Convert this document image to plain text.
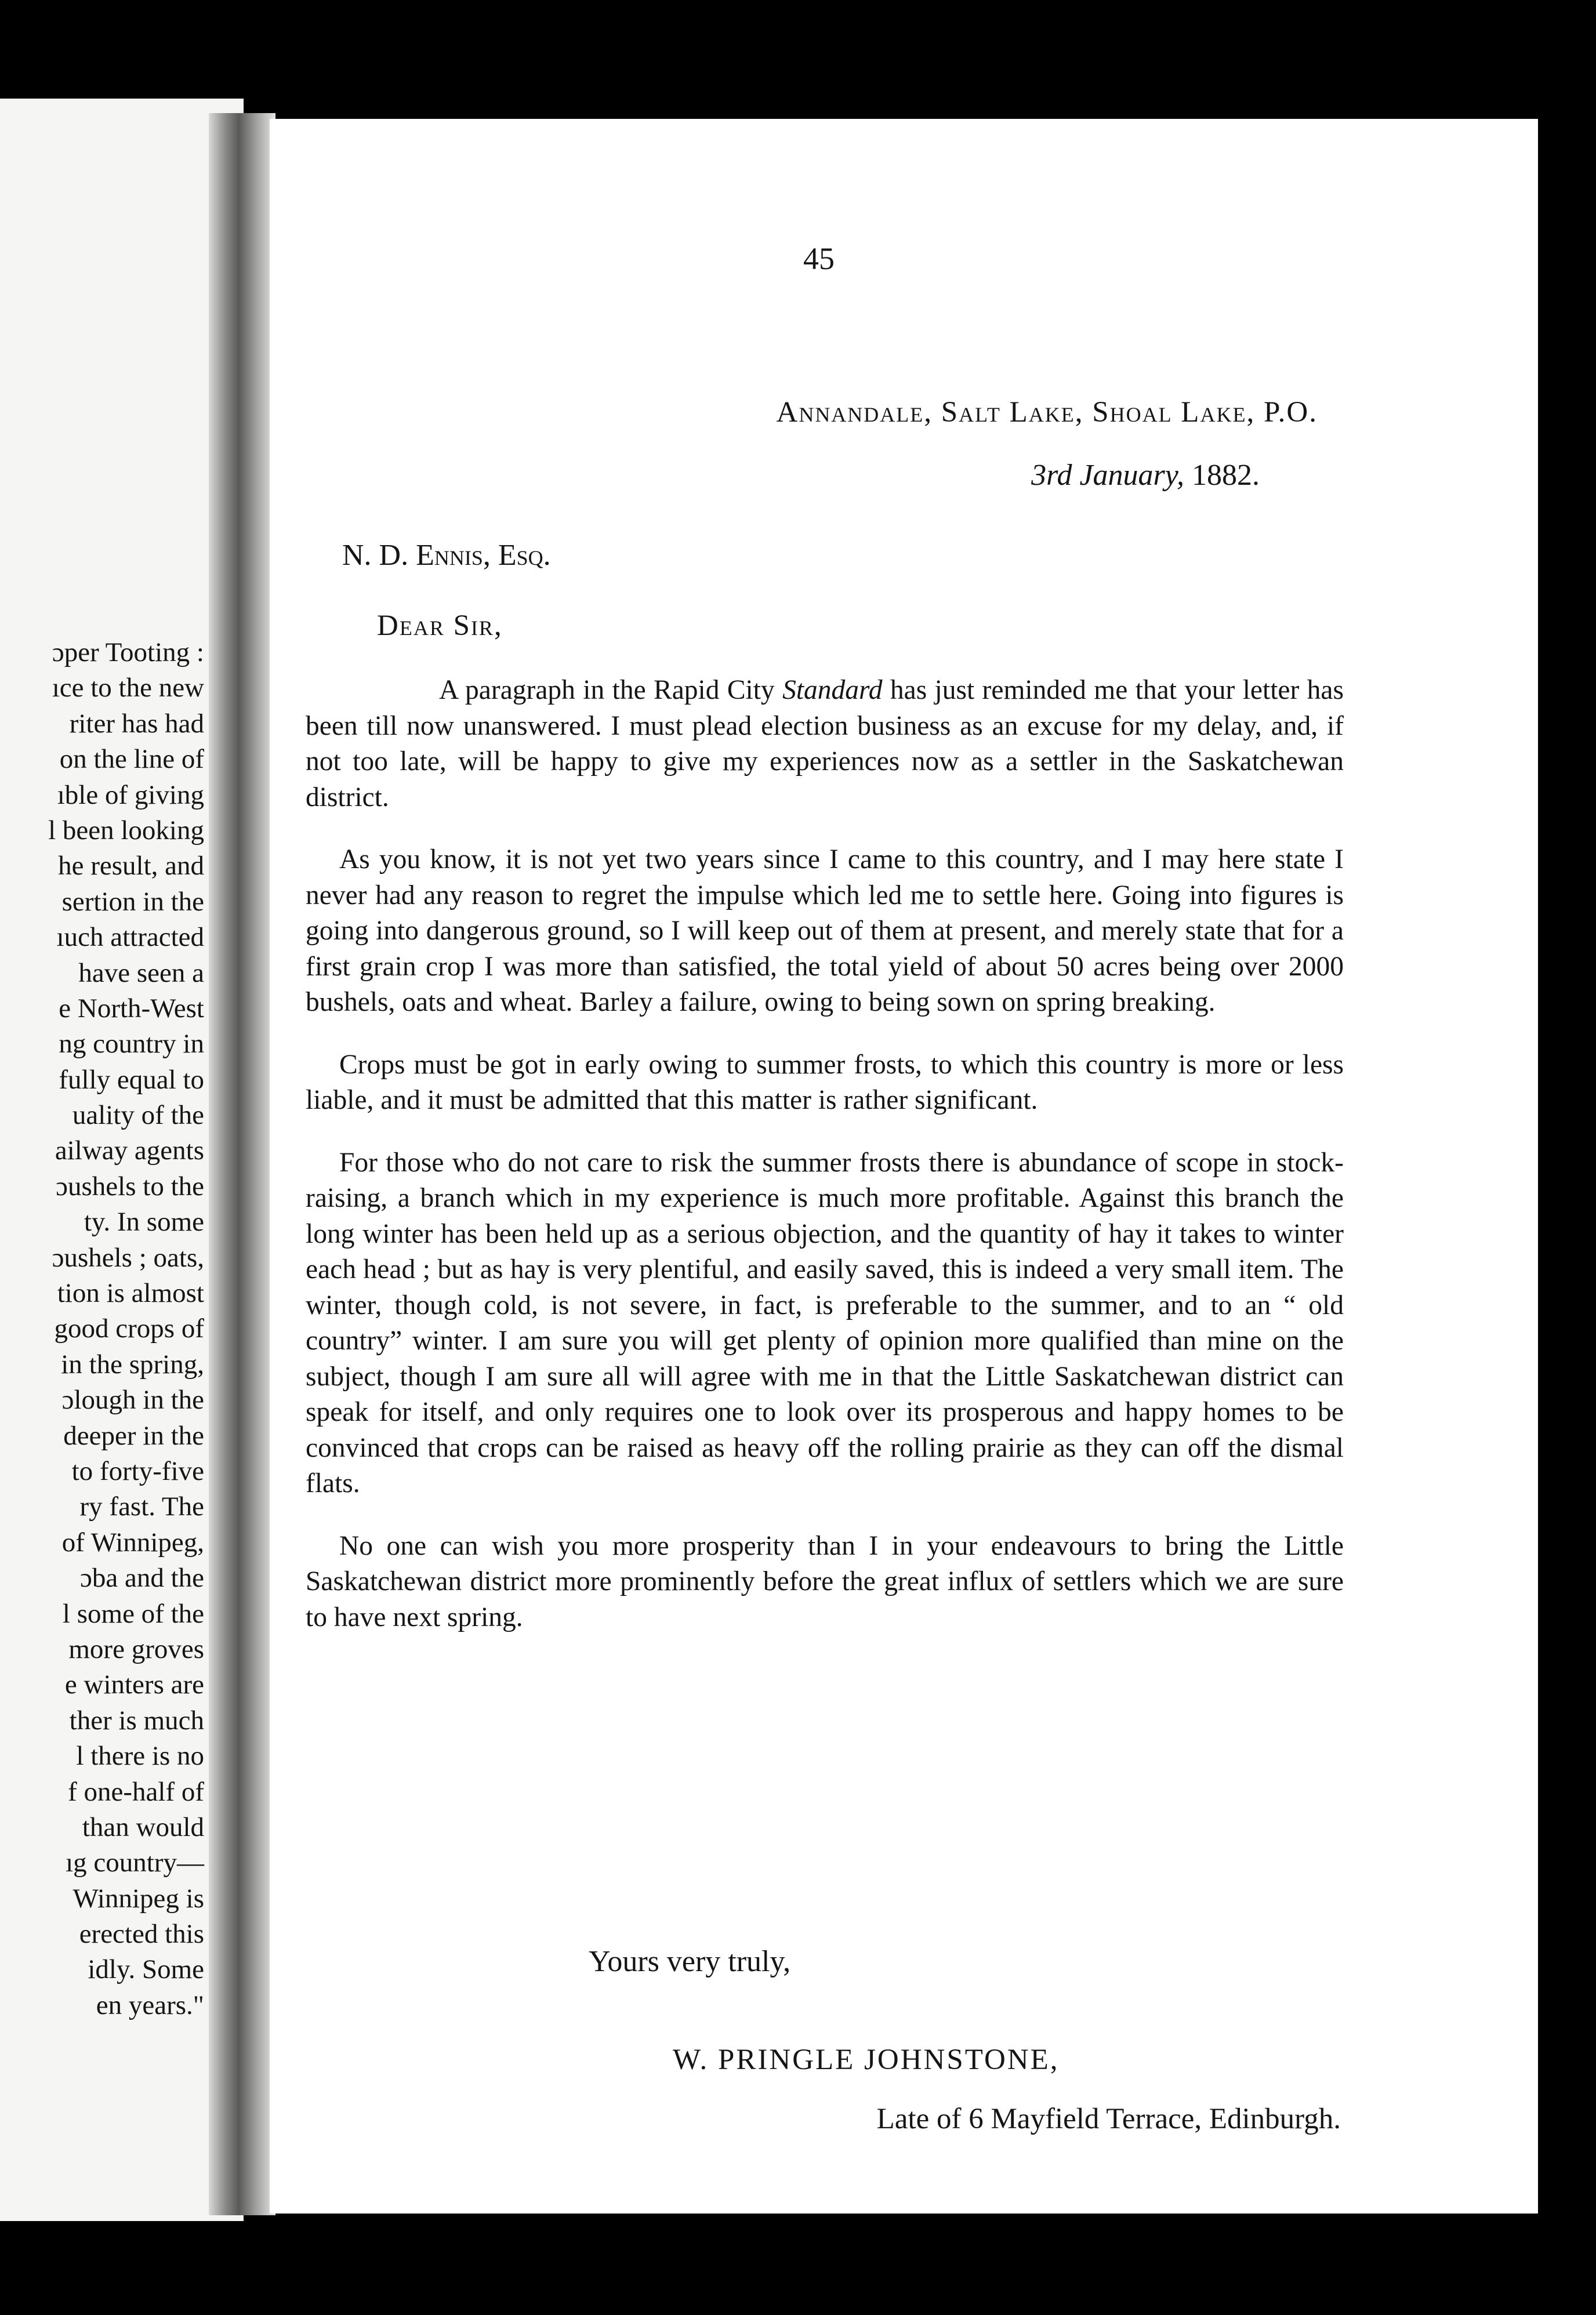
ɔper Tooting :
ıce to the new
riter has had
on the line of
ıble of giving
l been looking
he result, and
sertion in the
ıuch attracted
have seen a
e North-West
ng country in
fully equal to
uality of the
ailway agents
ɔushels to the
ty. In some
ɔushels ; oats,
tion is almost
good crops of
in the spring,
ɔlough in the
deeper in the
to forty-five
ry fast. The
of Winnipeg,
ɔba and the
l some of the
more groves
e winters are
ther is much
l there is no
f one-half of
than would
ıg country—
Winnipeg is
erected this
idly. Some
en years."
45
Annandale, Salt Lake, Shoal Lake, P.O.
3rd January, 1882.
N. D. Ennis, Esq.
Dear Sir,

A paragraph in the Rapid City Standard has just reminded me that your letter has been till now unanswered. I must plead election business as an excuse for my delay, and, if not too late, will be happy to give my experiences now as a settler in the Saskatchewan district.

As you know, it is not yet two years since I came to this country, and I may here state I never had any reason to regret the impulse which led me to settle here. Going into figures is going into dangerous ground, so I will keep out of them at present, and merely state that for a first grain crop I was more than satisfied, the total yield of about 50 acres being over 2000 bushels, oats and wheat. Barley a failure, owing to being sown on spring breaking.

Crops must be got in early owing to summer frosts, to which this country is more or less liable, and it must be admitted that this matter is rather significant.

For those who do not care to risk the summer frosts there is abundance of scope in stock-raising, a branch which in my experience is much more profitable. Against this branch the long winter has been held up as a serious objection, and the quantity of hay it takes to winter each head ; but as hay is very plentiful, and easily saved, this is indeed a very small item. The winter, though cold, is not severe, in fact, is preferable to the summer, and to an “ old country” winter. I am sure you will get plenty of opinion more qualified than mine on the subject, though I am sure all will agree with me in that the Little Saskatchewan district can speak for itself, and only requires one to look over its prosperous and happy homes to be convinced that crops can be raised as heavy off the rolling prairie as they can off the dismal flats.

No one can wish you more prosperity than I in your endeavours to bring the Little Saskatchewan district more prominently before the great influx of settlers which we are sure to have next spring.

Yours very truly,
W. PRINGLE JOHNSTONE,
Late of 6 Mayfield Terrace, Edinburgh.
